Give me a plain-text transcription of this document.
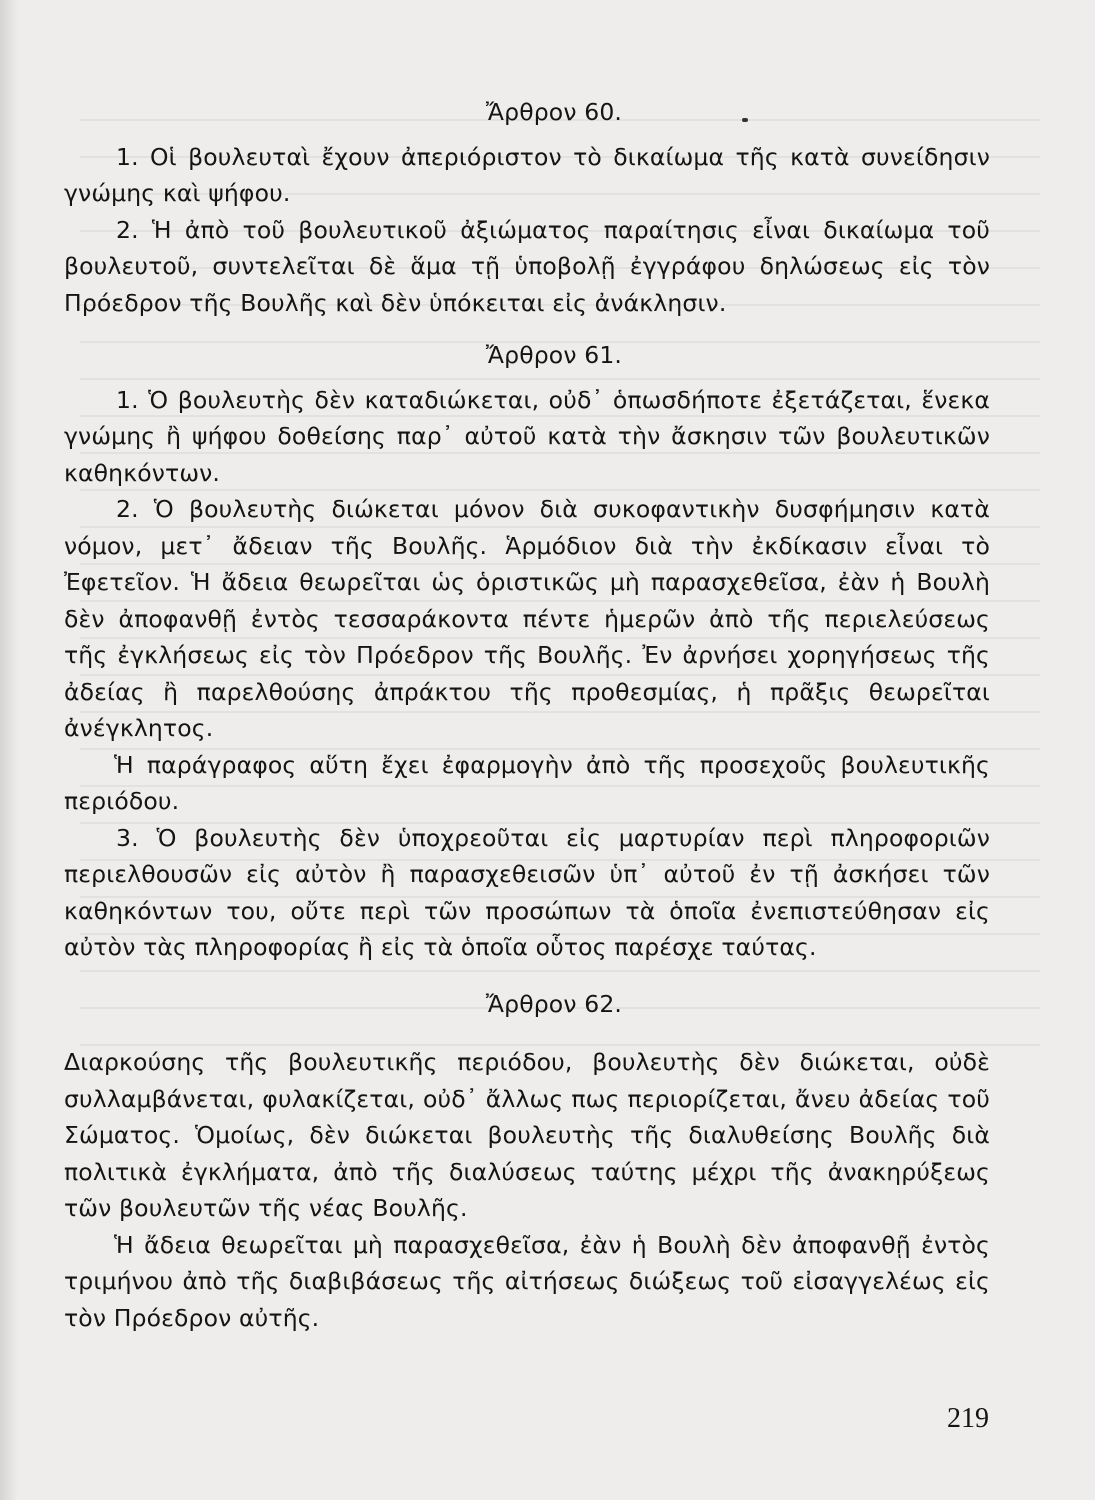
Ἄρθρον 60.

1. Οἱ βουλευταὶ ἔχουν ἀπεριόριστον τὸ δικαίωμα τῆς κατὰ συνείδησιν γνώμης καὶ ψήφου.

2. Ἡ ἀπὸ τοῦ βουλευτικοῦ ἀξιώματος παραίτησις εἶναι δικαίωμα τοῦ βουλευτοῦ, συντελεῖται δὲ ἅμα τῇ ὑποβολῇ ἐγγράφου δηλώσεως εἰς τὸν Πρόεδρον τῆς Βουλῆς καὶ δὲν ὑπόκειται εἰς ἀνάκλησιν.

Ἄρθρον 61.

1. Ὁ βουλευτὴς δὲν καταδιώκεται, οὐδ᾽ ὁπωσδήποτε ἐξετάζεται, ἕνεκα γνώμης ἢ ψήφου δοθείσης παρ᾽ αὐτοῦ κατὰ τὴν ἄσκησιν τῶν βουλευτικῶν καθηκόντων.

2. Ὁ βουλευτὴς διώκεται μόνον διὰ συκοφαντικὴν δυσφήμησιν κατὰ νόμον, μετ᾽ ἄδειαν τῆς Βουλῆς. Ἁρμόδιον διὰ τὴν ἐκδίκασιν εἶναι τὸ Ἐφετεῖον. Ἡ ἄδεια θεωρεῖται ὡς ὁριστικῶς μὴ παρασχεθεῖσα, ἐὰν ἡ Βουλὴ δὲν ἀποφανθῇ ἐντὸς τεσσαράκοντα πέντε ἡμερῶν ἀπὸ τῆς περιελεύσεως τῆς ἐγκλήσεως εἰς τὸν Πρόεδρον τῆς Βουλῆς. Ἐν ἀρνήσει χορηγήσεως τῆς ἀδείας ἢ παρελθούσης ἀπράκτου τῆς προθεσμίας, ἡ πρᾶξις θεωρεῖται ἀνέγκλητος.

Ἡ παράγραφος αὕτη ἔχει ἐφαρμογὴν ἀπὸ τῆς προσεχοῦς βουλευτικῆς περιόδου.

3. Ὁ βουλευτὴς δὲν ὑποχρεοῦται εἰς μαρτυρίαν περὶ πληροφοριῶν περιελθουσῶν εἰς αὐτὸν ἢ παρασχεθεισῶν ὑπ᾽ αὐτοῦ ἐν τῇ ἀσκήσει τῶν καθηκόντων του, οὔτε περὶ τῶν προσώπων τὰ ὁποῖα ἐνεπιστεύθησαν εἰς αὐτὸν τὰς πληροφορίας ἢ εἰς τὰ ὁποῖα οὗτος παρέσχε ταύτας.

Ἄρθρον 62.

Διαρκούσης τῆς βουλευτικῆς περιόδου, βουλευτὴς δὲν διώκεται, οὐδὲ συλλαμβάνεται, φυλακίζεται, οὐδ᾽ ἄλλως πως περιορίζεται, ἄνευ ἀδείας τοῦ Σώματος. Ὁμοίως, δὲν διώκεται βουλευτὴς τῆς διαλυθείσης Βουλῆς διὰ πολιτικὰ ἐγκλήματα, ἀπὸ τῆς διαλύσεως ταύτης μέχρι τῆς ἀνακηρύξεως τῶν βουλευτῶν τῆς νέας Βουλῆς.

Ἡ ἄδεια θεωρεῖται μὴ παρασχεθεῖσα, ἐὰν ἡ Βουλὴ δὲν ἀποφανθῇ ἐντὸς τριμήνου ἀπὸ τῆς διαβιβάσεως τῆς αἰτήσεως διώξεως τοῦ εἰσαγγελέως εἰς τὸν Πρόεδρον αὐτῆς.

219
